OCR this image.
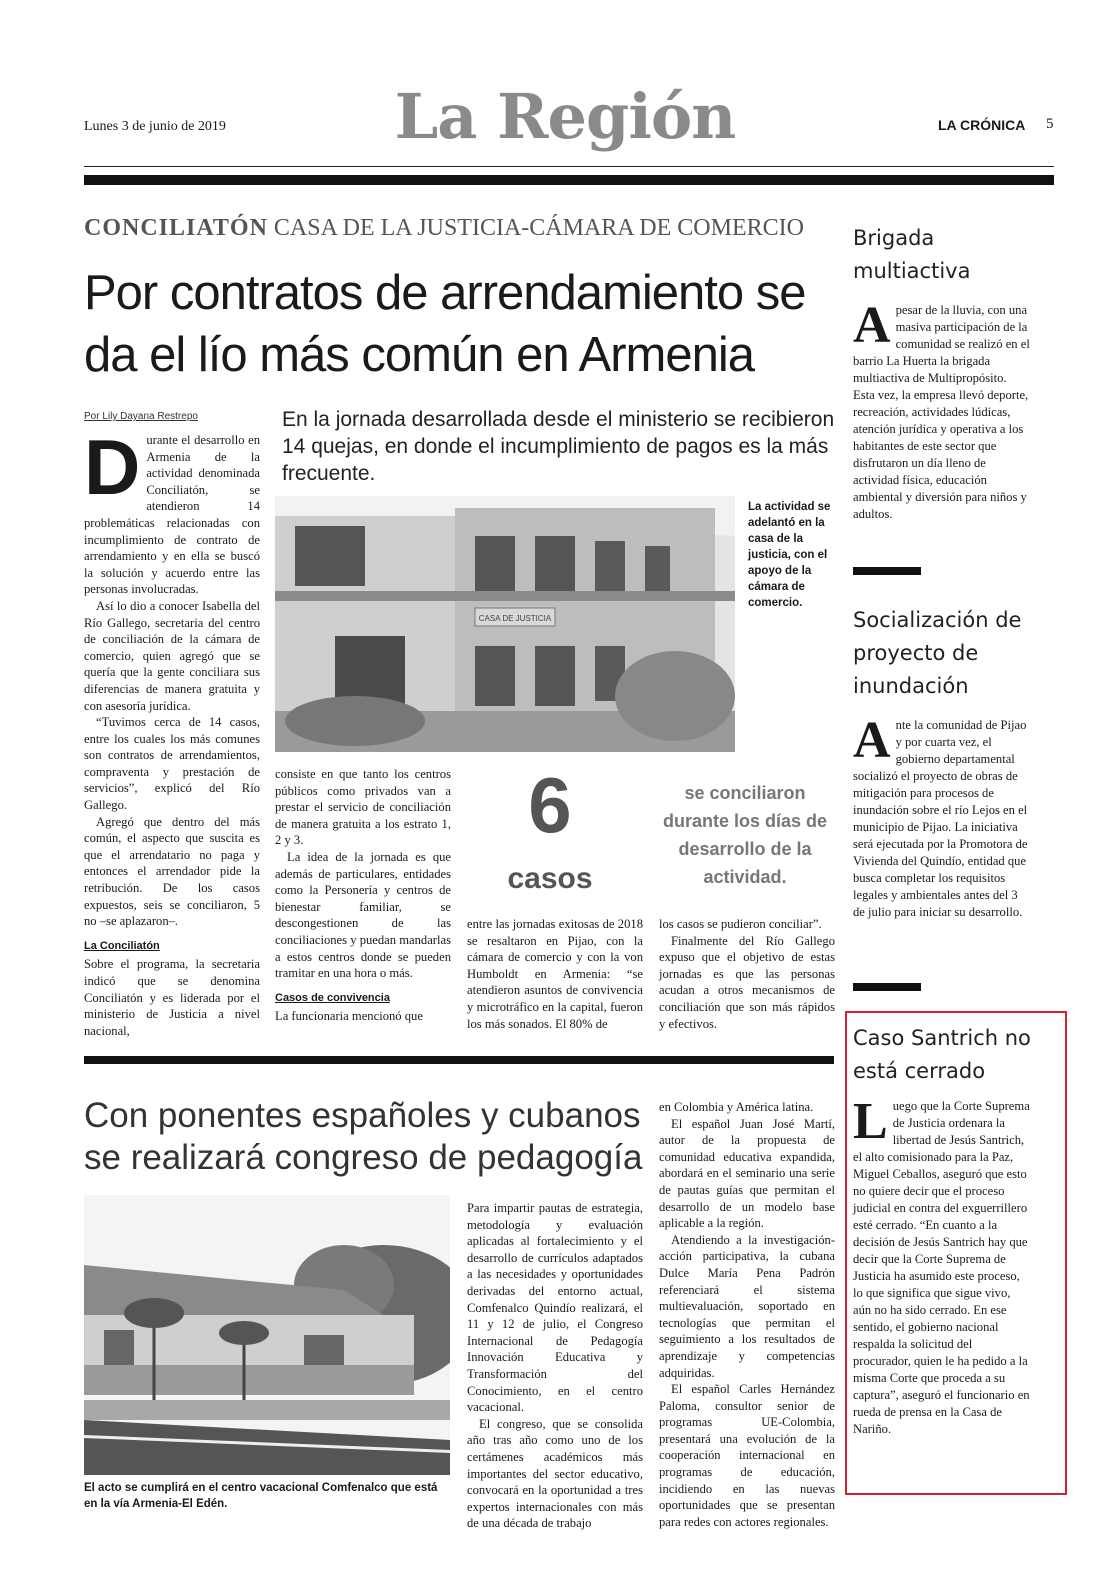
Lunes 3 de junio de 2019	La Región	LA CRÓNICA 5
CONCILIATÓN CASA DE LA JUSTICIA-CÁMARA DE COMERCIO
Por contratos de arrendamiento se da el lío más común en Armenia
Por Lily Dayana Restrepo	En la jornada desarrollada desde el ministerio se recibieron 14 quejas, en donde el incumplimiento de pagos es la más frecuente.

Durante el desarrollo en Armenia de la actividad denominada Conciliatón, se atendieron 14 problemáticas relacionadas con incumplimiento de contrato de arrendamiento y en ella se buscó la solución y acuerdo entre las personas involucradas.

Así lo dio a conocer Isabella del Río Gallego, secretaria del centro de conciliación de la cámara de comercio, quien agregó que se quería que la gente conciliara sus diferencias de manera gratuita y con asesoría jurídica.

“Tuvimos cerca de 14 casos, entre los cuales los más comunes son contratos de arrendamientos, compraventa y prestación de servicios”, explicó del Río Gallego.

Agregó que dentro del más común, el aspecto que suscita es que el arrendatario no paga y entonces el arrendador pide la retribución. De los casos expuestos, seis se conciliaron, 5 no –se aplazaron–.

La Conciliatón

Sobre el programa, la secretaria indicó que se denomina Conciliatón y es liderada por el ministerio de Justicia a nivel nacional,

CASA DE JUSTICIA
La actividad se adelantó en la casa de la justicia, con el apoyo de la cámara de comercio.

consiste en que tanto los centros públicos como privados van a prestar el servicio de conciliación de manera gratuita a los estrato 1, 2 y 3.

La idea de la jornada es que además de particulares, entidades como la Personería y centros de bienestar familiar, se descongestionen de las conciliaciones y puedan mandarlas a estos centros donde se pueden tramitar en una hora o más.

Casos de convivencia

La funcionaria mencionó que

6
casos
se conciliaron durante los días de desarrollo de la actividad.

entre las jornadas exitosas de 2018 se resaltaron en Pijao, con la cámara de comercio y con la von Humboldt en Armenia: “se atendieron asuntos de convivencia y microtráfico en la capital, fueron los más sonados. El 80% de

los casos se pudieron conciliar”.

Finalmente del Río Gallego expuso que el objetivo de estas jornadas es que las personas acudan a otros mecanismos de conciliación que son más rápidos y efectivos.

Con ponentes españoles y cubanos se realizará congreso de pedagogía
El acto se cumplirá en el centro vacacional Comfenalco que está en la vía Armenia-El Edén.

Para impartir pautas de estrategia, metodología y evaluación aplicadas al fortalecimiento y el desarrollo de currículos adaptados a las necesidades y oportunidades derivadas del entorno actual, Comfenalco Quindío realizará, el 11 y 12 de julio, el Congreso Internacional de Pedagogía Innovación Educativa y Transformación del Conocimiento, en el centro vacacional.

El congreso, que se consolida año tras año como uno de los certámenes académicos más importantes del sector educativo, convocará en la oportunidad a tres expertos internacionales con más de una década de trabajo

en Colombia y América latina.

El español Juan José Martí, autor de la propuesta de comunidad educativa expandida, abordará en el seminario una serie de pautas guías que permitan el desarrollo de un modelo base aplicable a la región.

Atendiendo a la investigación-acción participativa, la cubana Dulce María Pena Padrón referenciará el sistema multievaluación, soportado en tecnologías que permitan el seguimiento a los resultados de aprendizaje y competencias adquiridas.

El español Carles Hernández Paloma, consultor senior de programas UE-Colombia, presentará una evolución de la cooperación internacional en programas de educación, incidiendo en las nuevas oportunidades que se presentan para redes con actores regionales.

Brigada multiactiva
Apesar de la lluvia, con una masiva participación de la comunidad se realizó en el barrio La Huerta la brigada multiactiva de Multipropósito. Esta vez, la empresa llevó deporte, recreación, actividades lúdicas, atención jurídica y operativa a los habitantes de este sector que disfrutaron un día lleno de actividad física, educación ambiental y diversión para niños y adultos.
Socialización de proyecto de inundación
Ante la comunidad de Pijao y por cuarta vez, el gobierno departamental socializó el proyecto de obras de mitigación para procesos de inundación sobre el río Lejos en el municipio de Pijao. La iniciativa será ejecutada por la Promotora de Vivienda del Quindío, entidad que busca completar los requisitos legales y ambientales antes del 3 de julio para iniciar su desarrollo.
Caso Santrich no está cerrado
Luego que la Corte Suprema de Justicia ordenara la libertad de Jesús Santrich, el alto comisionado para la Paz, Miguel Ceballos, aseguró que esto no quiere decir que el proceso judicial en contra del exguerrillero esté cerrado. “En cuanto a la decisión de Jesús Santrich hay que decir que la Corte Suprema de Justicia ha asumido este proceso, lo que significa que sigue vivo, aún no ha sido cerrado. En ese sentido, el gobierno nacional respalda la solicitud del procurador, quien le ha pedido a la misma Corte que proceda a su captura”, aseguró el funcionario en rueda de prensa en la Casa de Nariño.
